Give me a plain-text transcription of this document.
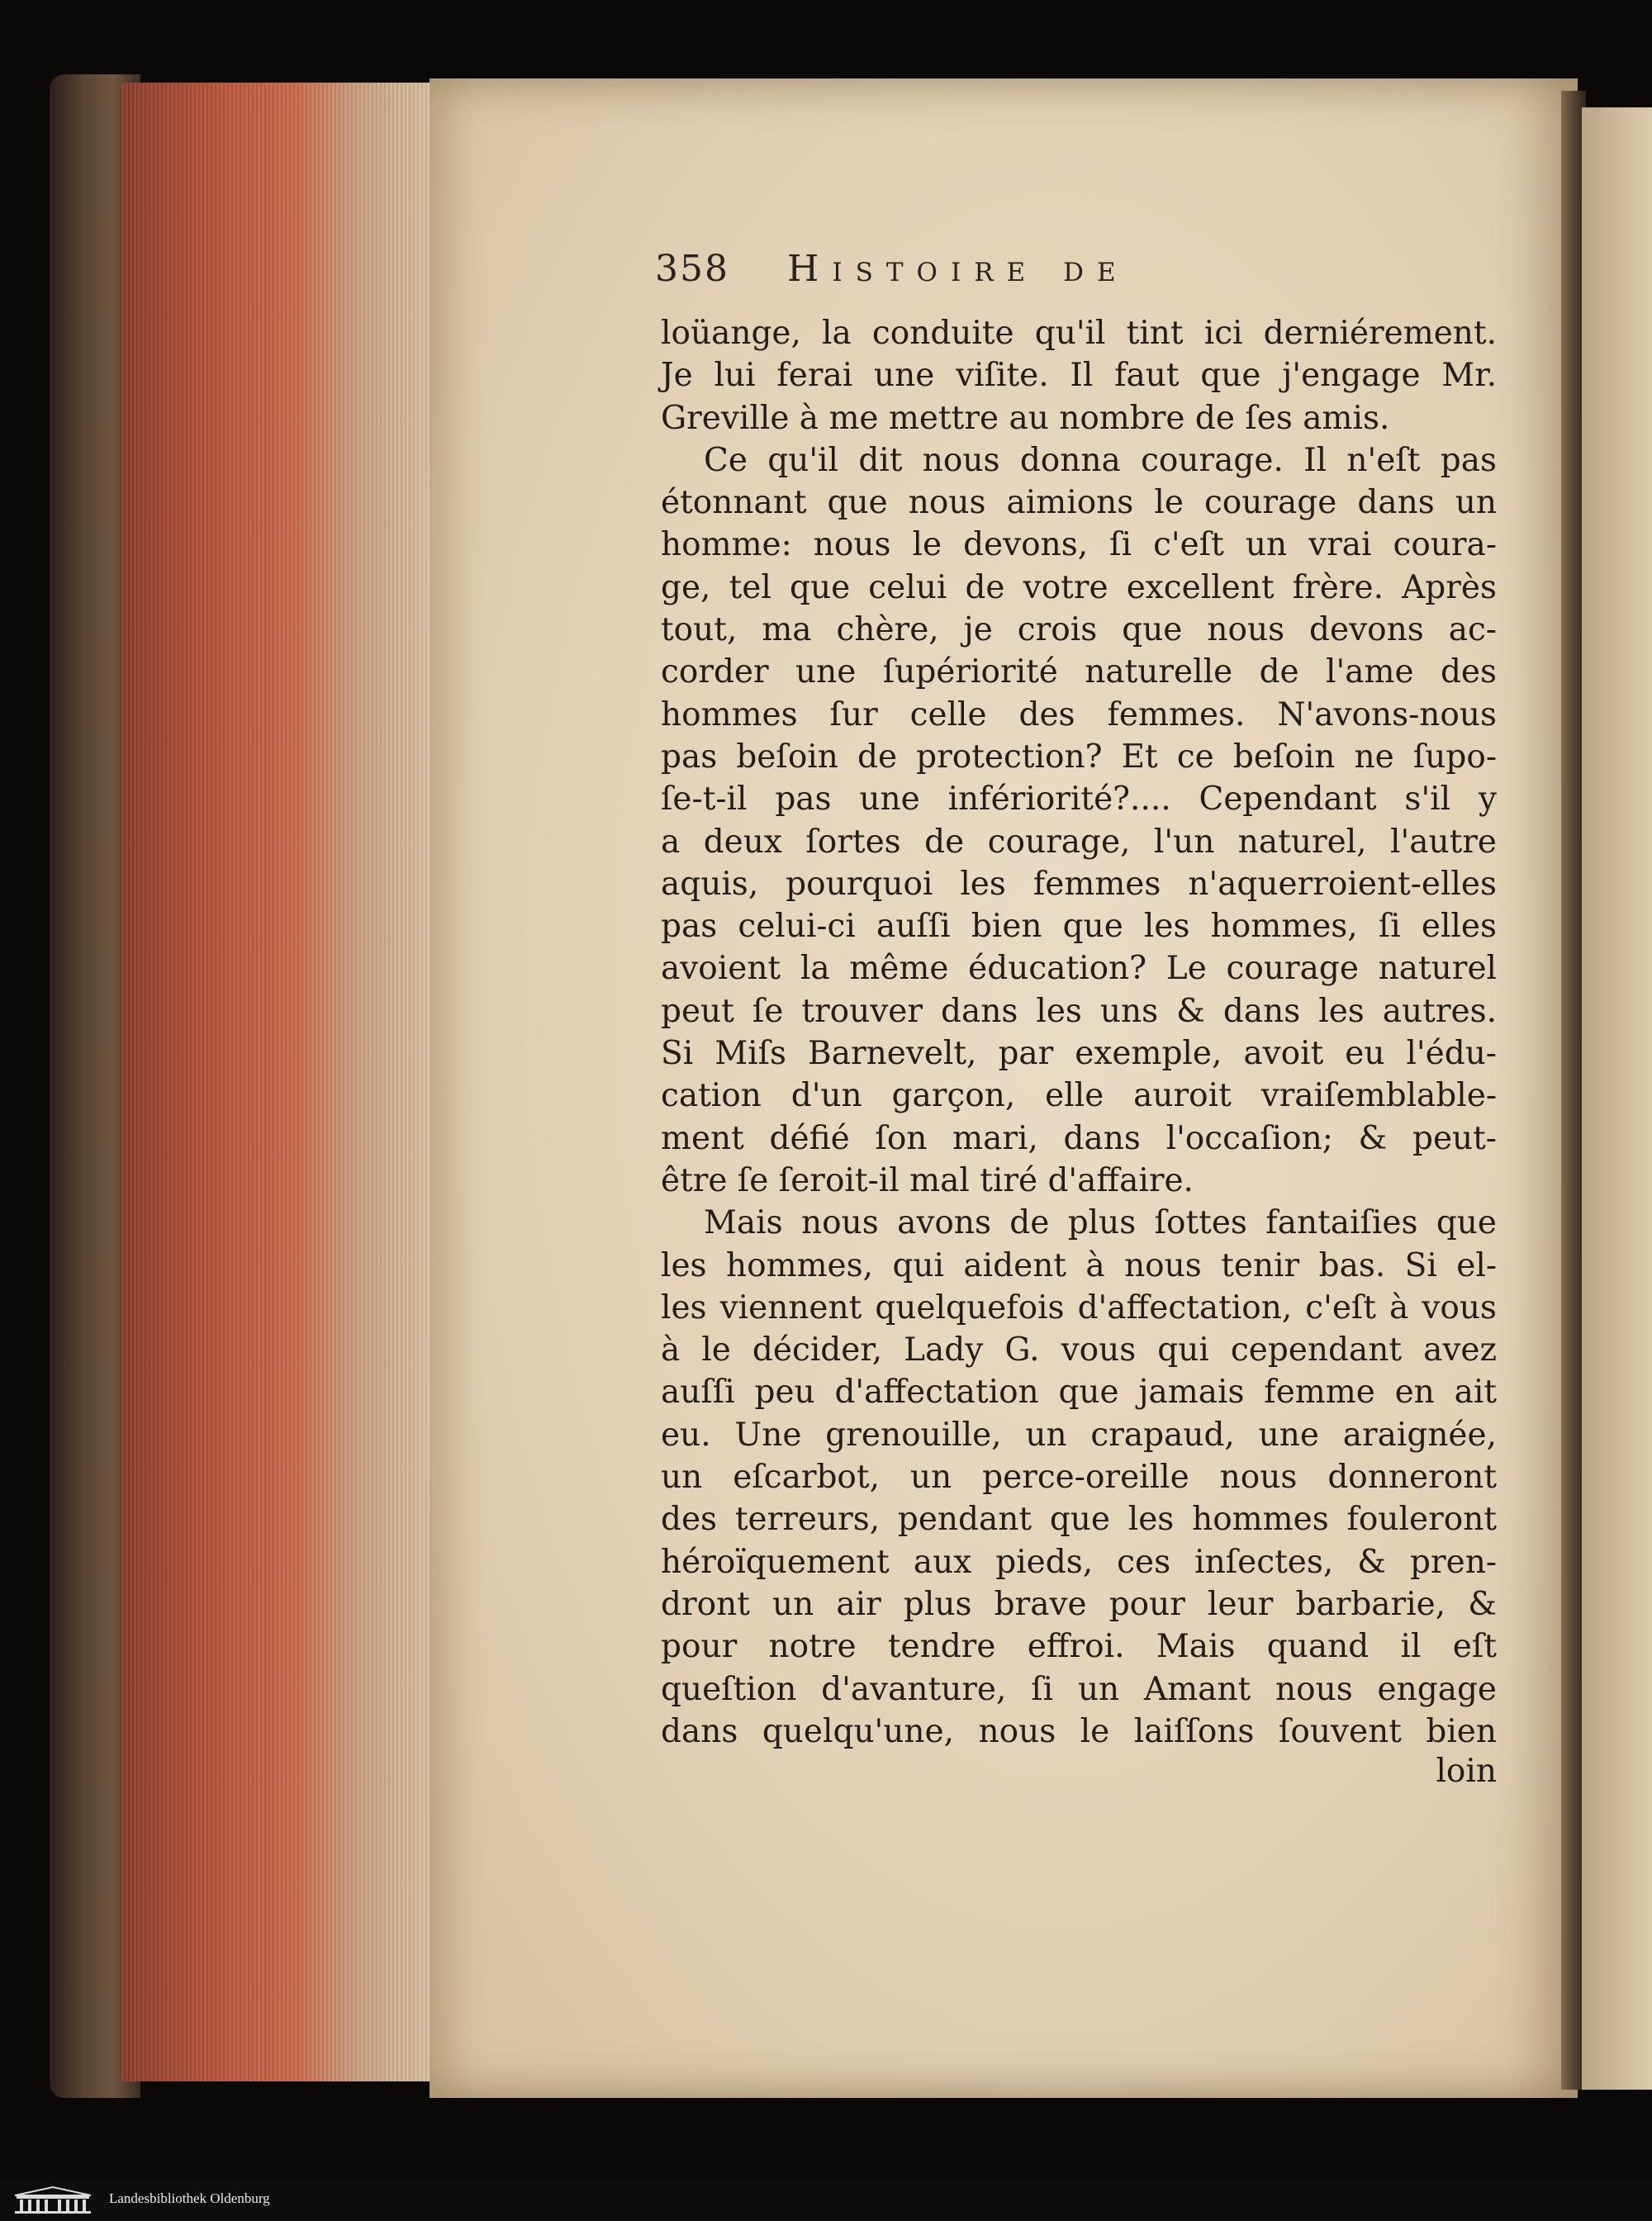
358 Histoire de
loüange, la conduite qu'il tint ici derniérement.
Je lui ferai une viſite. Il faut que j'engage Mr.
Greville à me mettre au nombre de ſes amis.
Ce qu'il dit nous donna courage. Il n'eſt pas
étonnant que nous aimions le courage dans un
homme: nous le devons, ſi c'eſt un vrai coura-
ge, tel que celui de votre excellent frère. Après
tout, ma chère, je crois que nous devons ac-
corder une ſupériorité naturelle de l'ame des
hommes ſur celle des femmes. N'avons-nous
pas beſoin de protection? Et ce beſoin ne ſupo-
ſe-t-il pas une infériorité?.... Cependant s'il y
a deux ſortes de courage, l'un naturel, l'autre
aquis, pourquoi les femmes n'aquerroient-elles
pas celui-ci auſſi bien que les hommes, ſi elles
avoient la même éducation? Le courage naturel
peut ſe trouver dans les uns & dans les autres.
Si Miſs Barnevelt, par exemple, avoit eu l'édu-
cation d'un garçon, elle auroit vraiſemblable-
ment défié ſon mari, dans l'occaſion; & peut-
être ſe ſeroit-il mal tiré d'affaire.
Mais nous avons de plus ſottes fantaiſies que
les hommes, qui aident à nous tenir bas. Si el-
les viennent quelquefois d'affectation, c'eſt à vous
à le décider, Lady G. vous qui cependant avez
auſſi peu d'affectation que jamais femme en ait
eu. Une grenouille, un crapaud, une araignée,
un eſcarbot, un perce-oreille nous donneront
des terreurs, pendant que les hommes fouleront
héroïquement aux pieds, ces inſectes, & pren-
dront un air plus brave pour leur barbarie, &
pour notre tendre effroi. Mais quand il eſt
queſtion d'avanture, ſi un Amant nous engage
dans quelqu'une, nous le laiſſons ſouvent bien
loin
Landesbibliothek Oldenburg
